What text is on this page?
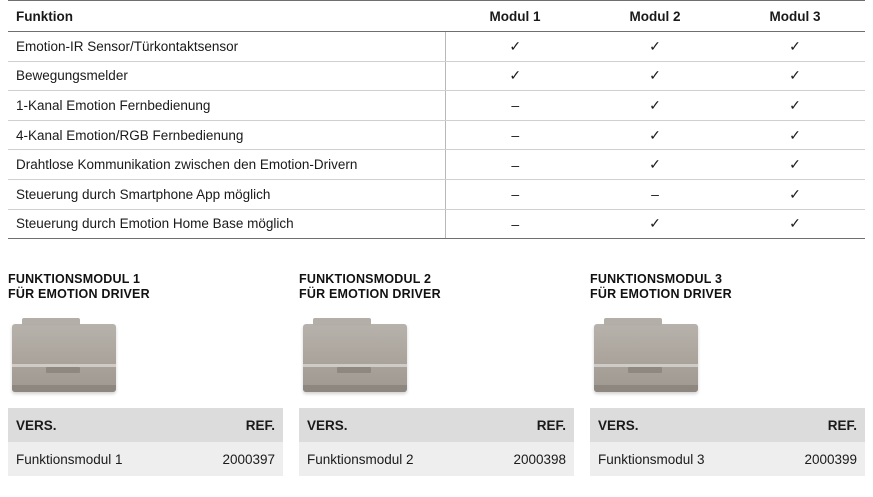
Funktion	Modul 1	Modul 2	Modul 3
Emotion-IR Sensor/Türkontaktsensor	✓	✓	✓
Bewegungsmelder	✓	✓	✓
1-Kanal Emotion Fernbedienung	–	✓	✓
4-Kanal Emotion/RGB Fernbedienung	–	✓	✓
Drahtlose Kommunikation zwischen den Emotion-Drivern	–	✓	✓
Steuerung durch Smartphone App möglich	–	–	✓
Steuerung durch Emotion Home Base möglich	–	✓	✓
FUNKTIONSMODUL 1
FÜR EMOTION DRIVER
VERS.	REF.
Funktionsmodul 1	2000397
FUNKTIONSMODUL 2
FÜR EMOTION DRIVER
VERS.	REF.
Funktionsmodul 2	2000398
FUNKTIONSMODUL 3
FÜR EMOTION DRIVER
VERS.	REF.
Funktionsmodul 3	2000399
